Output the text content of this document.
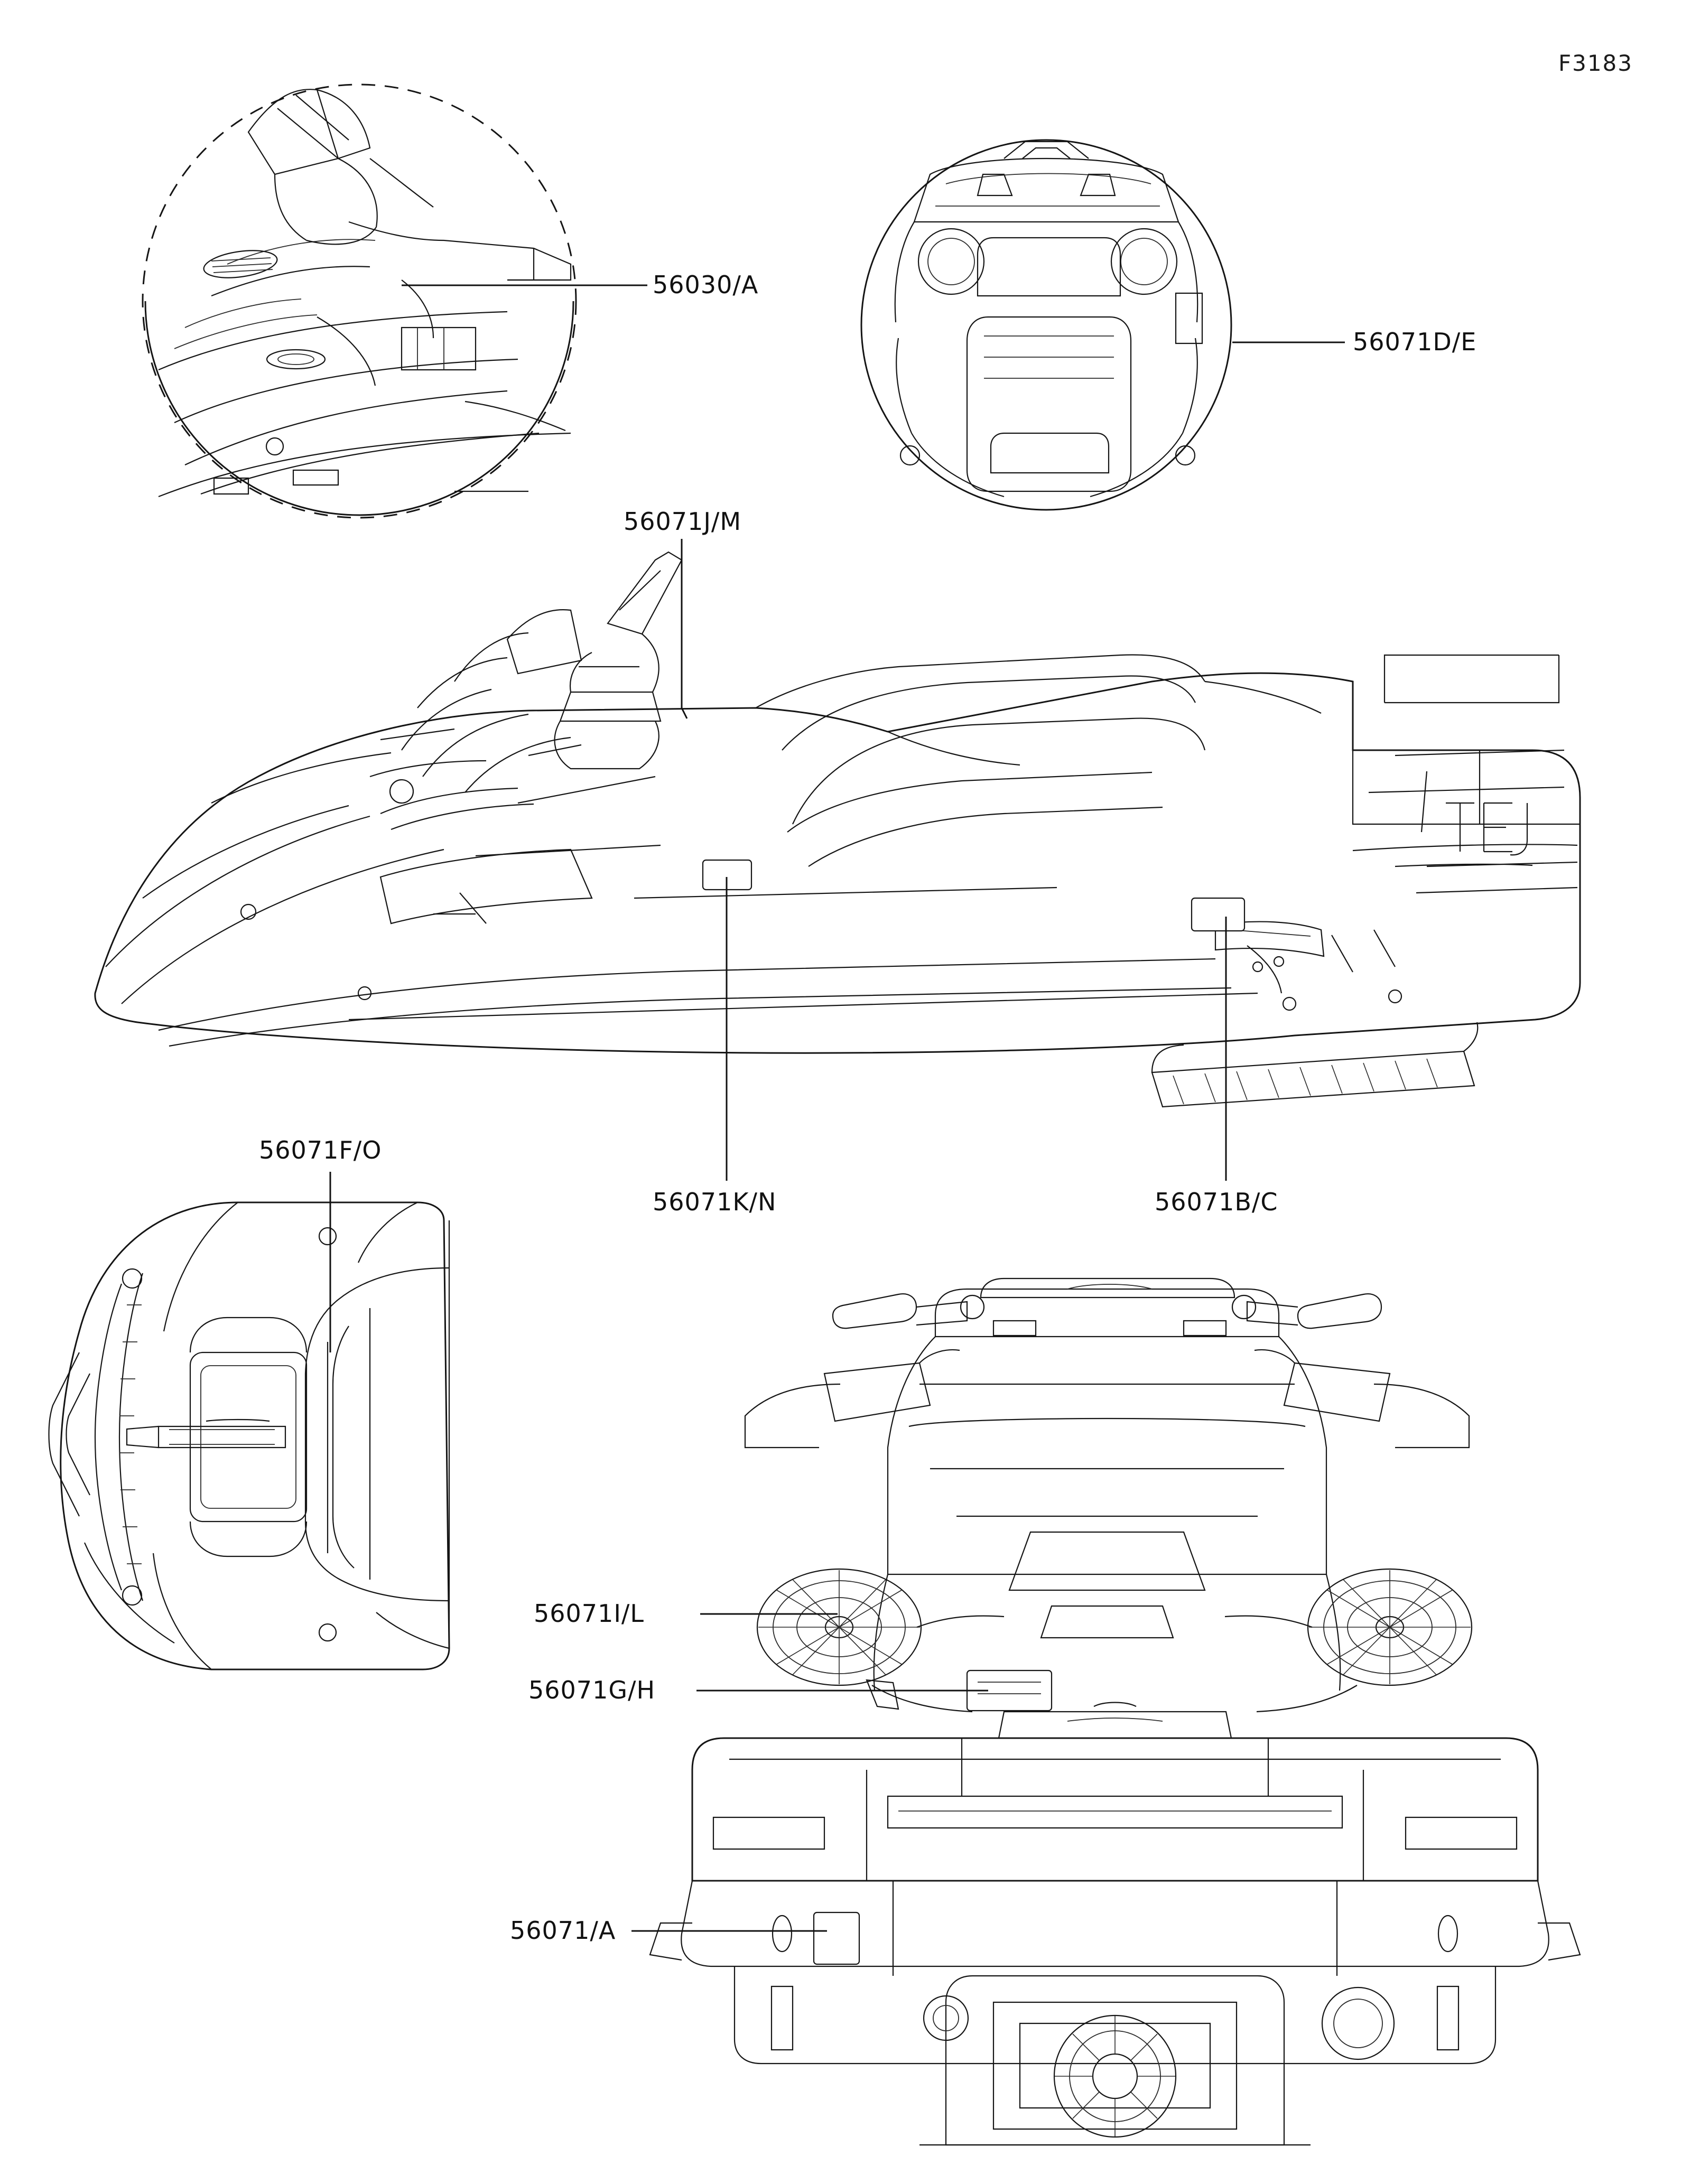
F3183
56030/A
56071D/E
56071J/M
56071K/N	56071B/C
56071F/O
56071I/L
56071G/H
56071/A
